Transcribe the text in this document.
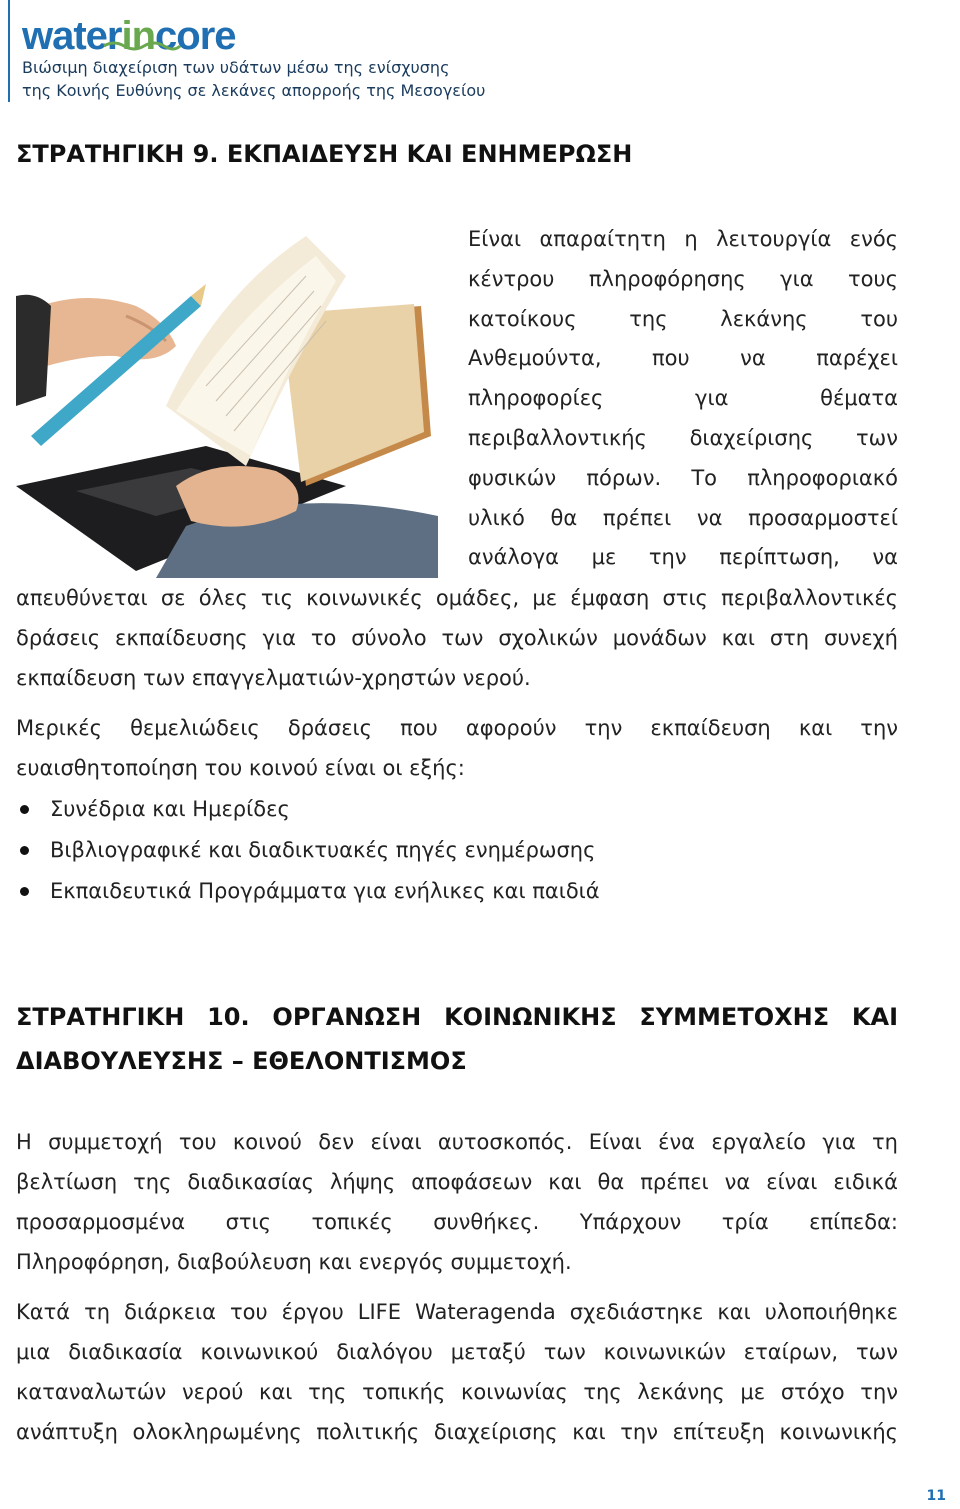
waterincore
Βιώσιμη διαχείριση των υδάτων μέσω της ενίσχυσης
της Κοινής Ευθύνης σε λεκάνες απορροής της Μεσογείου
ΣΤΡΑΤΗΓΙΚΗ 9. ΕΚΠΑΙΔΕΥΣΗ ΚΑΙ ΕΝΗΜΕΡΩΣΗ
Είναι απαραίτητη η λειτουργία ενός
κέντρου πληροφόρησης για τους
κατοίκους της λεκάνης του
Ανθεμούντα, που να παρέχει
πληροφορίες για θέματα
περιβαλλοντικής διαχείρισης των
φυσικών πόρων. Το πληροφοριακό
υλικό θα πρέπει να προσαρμοστεί
ανάλογα με την περίπτωση, να
απευθύνεται σε όλες τις κοινωνικές ομάδες, με έμφαση στις περιβαλλοντικές
δράσεις εκπαίδευσης για το σύνολο των σχολικών μονάδων και στη συνεχή
εκπαίδευση των επαγγελματιών-χρηστών νερού.
Μερικές θεμελιώδεις δράσεις που αφορούν την εκπαίδευση και την
ευαισθητοποίηση του κοινού είναι οι εξής:
Συνέδρια και Ημερίδες
Βιβλιογραφικέ και διαδικτυακές πηγές ενημέρωσης
Εκπαιδευτικά Προγράμματα για ενήλικες και παιδιά
ΣΤΡΑΤΗΓΙΚΗ 10. ΟΡΓΑΝΩΣΗ ΚΟΙΝΩΝΙΚΗΣ ΣΥΜΜΕΤΟΧΗΣ ΚΑΙ
ΔΙΑΒΟΥΛΕΥΣΗΣ – ΕΘΕΛΟΝΤΙΣΜΟΣ
Η συμμετοχή του κοινού δεν είναι αυτοσκοπός. Είναι ένα εργαλείο για τη
βελτίωση της διαδικασίας λήψης αποφάσεων και θα πρέπει να είναι ειδικά
προσαρμοσμένα στις τοπικές συνθήκες. Υπάρχουν τρία επίπεδα:
Πληροφόρηση, διαβούλευση και ενεργός συμμετοχή.
Κατά τη διάρκεια του έργου LIFE Wateragenda σχεδιάστηκε και υλοποιήθηκε
μια διαδικασία κοινωνικού διαλόγου μεταξύ των κοινωνικών εταίρων, των
καταναλωτών νερού και της τοπικής κοινωνίας της λεκάνης με στόχο την
ανάπτυξη ολοκληρωμένης πολιτικής διαχείρισης και την επίτευξη κοινωνικής
11
